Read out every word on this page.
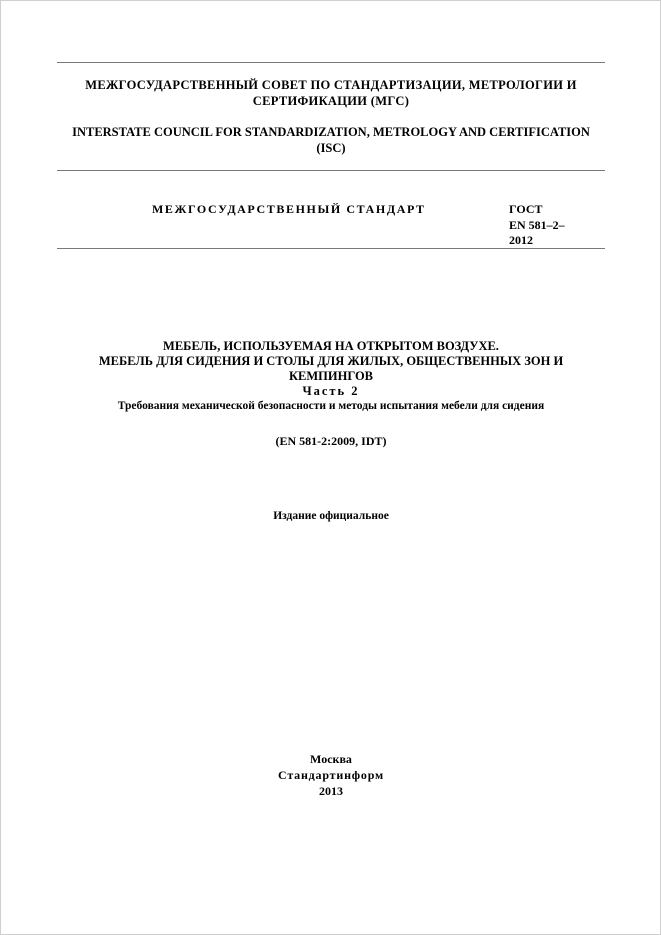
МЕЖГОСУДАРСТВЕННЫЙ СОВЕТ ПО СТАНДАРТИЗАЦИИ, МЕТРОЛОГИИ И СЕРТИФИКАЦИИ (МГС)
INTERSTATE COUNCIL FOR STANDARDIZATION, METROLOGY AND CERTIFICATION (ISC)
МЕЖГОСУДАРСТВЕННЫЙ СТАНДАРТ	ГОСТ
EN 581–2–
2012
МЕБЕЛЬ, ИСПОЛЬЗУЕМАЯ НА ОТКРЫТОМ ВОЗДУХЕ.
МЕБЕЛЬ ДЛЯ СИДЕНИЯ И СТОЛЫ ДЛЯ ЖИЛЫХ, ОБЩЕСТВЕННЫХ ЗОН И КЕМПИНГОВ
Часть 2
Требования механической безопасности и методы испытания мебели для сидения
(EN 581-2:2009, IDT)
Издание официальное
Москва
Стандартинформ
2013
